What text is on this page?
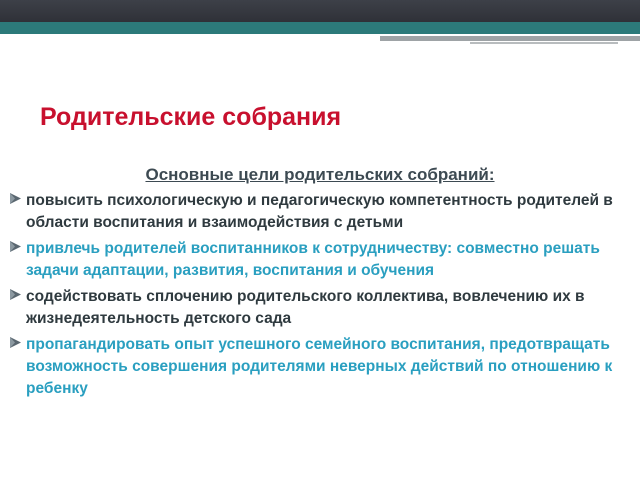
Родительские собрания

Основные цели родительских собраний:

повысить психологическую и педагогическую компетентность родителей в области воспитания и взаимодействия с детьми
привлечь родителей воспитанников к сотрудничеству: совместно решать задачи адаптации, развития, воспитания и обучения
содействовать сплочению родительского коллектива, вовлечению их в жизнедеятельность детского сада
пропагандировать опыт успешного семейного воспитания, предотвращать возможность совершения родителями неверных действий по отношению к ребенку
